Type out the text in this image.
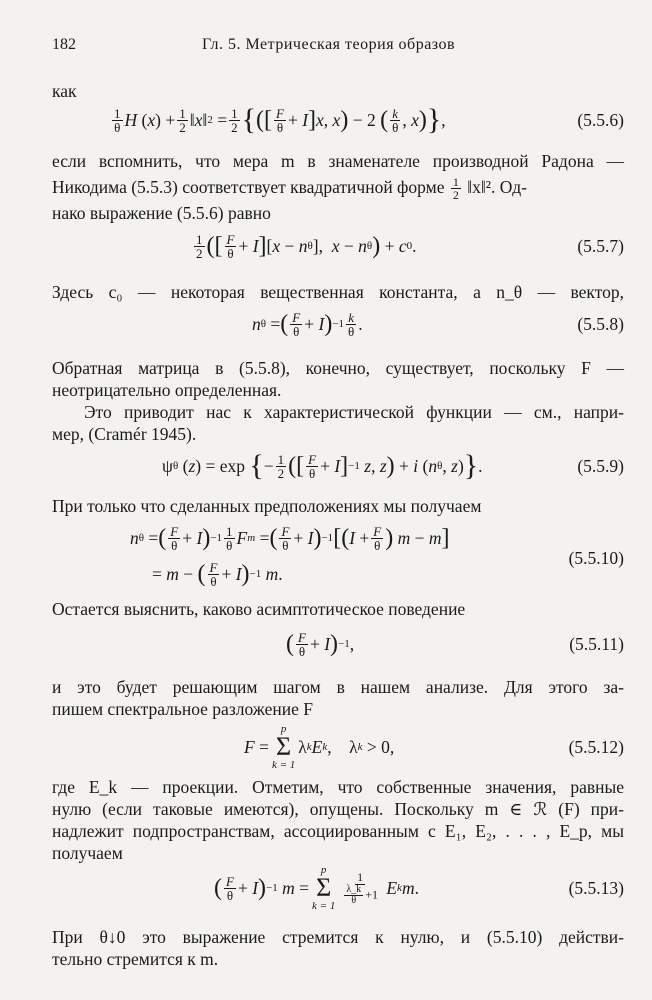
182	Гл. 5. Метрическая теория образов
как
$\frac{1}{\theta}$ H ( x ) + $\frac{1}{2}$ ‖ x ‖ $2 = \frac{1}{2}$ { ( [ $\frac{F}{\theta} + I$ ] x , x ) − 2 ( $\frac{k}{\theta}$ , x ) } ,	(5.5.6)
если вспомнить, что мера m в знаменателе производной Радона —
Никодима (5.5.3) соответствует квадратичной форме $\frac{1}{2}$ ‖x‖². Од-
нако выражение (5.5.6) равно
$\frac{1}{2}$ ( [ $\frac{F}{\theta} + I$ ] [ x − n θ ], x − n θ ) + c 0 .	(5.5.7)
Здесь c₀ — некоторая вещественная константа, а n_θ — вектор,
n θ = ( $\frac{F}{\theta} + I$ ) $-1 \frac{k}{\theta}$ .	(5.5.8)
Обратная матрица в (5.5.8), конечно, существует, поскольку F —
неотрицательно определенная.
Это приводит нас к характеристической функции — см., напри-
мер, (Cramér 1945).
ψ θ ( z ) = exp { − $\frac{1}{2}$ ( [ $\frac{F}{\theta} + I$ ] −1
z , z ) + i ( n θ , z ) } .	(5.5.9)
При только что сделанных предположениях мы получаем
n θ = ( $\frac{F}{\theta} + I$ ) $-1 \frac{1}{\theta}$ F m = ( $\frac{F}{\theta} + I$ ) −1 [ ( $I + \frac{F}{\theta}$ )
m − m ]
= m − ( $\frac{F}{\theta} + I$ ) −1
m .
(5.5.10)
Остается выяснить, каково асимптотическое поведение
( $\frac{F}{\theta} + I$ ) −1 ,	(5.5.11)
и это будет решающим шагом в нашем анализе. Для этого за-
пишем спектральное разложение F
F =
p
Σ
k = 1
λ k E k ,    λ k > 0,	(5.5.12)
где E_k — проекции. Отметим, что собственные значения, равные
нулю (если таковые имеются), опущены. Поскольку m ∈ ℛ (F) при-
надлежит подпространствам, ассоциированным с E₁, E₂, . . . , E_p, мы
получаем
( $\frac{F}{\theta} + I$ ) −1
m =
p
Σ
k = 1
$\frac{1}{\frac{\lambda\_k}{\theta} +1}$
E k m .	(5.5.13)
При θ↓0 это выражение стремится к нулю, и (5.5.10) действи-
тельно стремится к m.
